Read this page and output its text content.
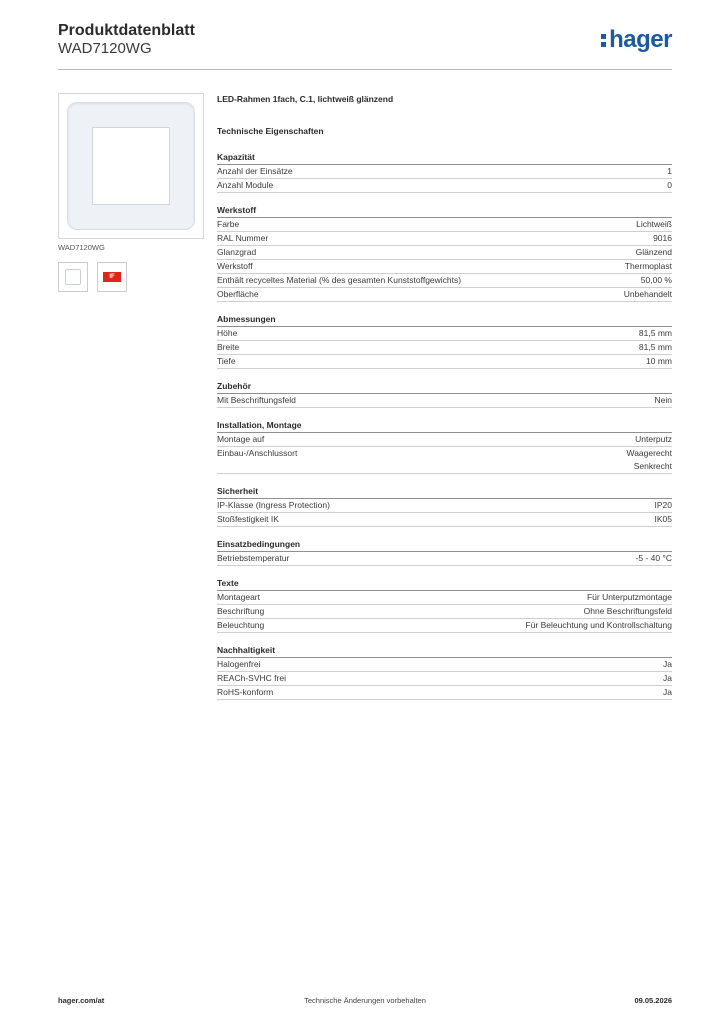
Produktdatenblatt
WAD7120WG	hager
WAD7120WG
IF
LED-Rahmen 1fach, C.1, lichtweiß glänzend
Technische Eigenschaften
Kapazität
Anzahl der Einsätze	1
Anzahl Module	0
Werkstoff
Farbe	Lichtweiß
RAL Nummer	9016
Glanzgrad	Glänzend
Werkstoff	Thermoplast
Enthält recyceltes Material (% des gesamten Kunststoffgewichts)	50,00 %
Oberfläche	Unbehandelt
Abmessungen
Höhe	81,5 mm
Breite	81,5 mm
Tiefe	10 mm
Zubehör
Mit Beschriftungsfeld	Nein
Installation, Montage
Montage auf	Unterputz
Einbau-/Anschlussort	Waagerecht
Senkrecht
Sicherheit
IP-Klasse (Ingress Protection)	IP20
Stoßfestigkeit IK	IK05
Einsatzbedingungen
Betriebstemperatur	-5 - 40 °C
Texte
Montageart	Für Unterputzmontage
Beschriftung	Ohne Beschriftungsfeld
Beleuchtung	Für Beleuchtung und Kontrollschaltung
Nachhaltigkeit
Halogenfrei	Ja
REACh-SVHC frei	Ja
RoHS-konform	Ja
hager.com/at	Technische Änderungen vorbehalten	09.05.2026
